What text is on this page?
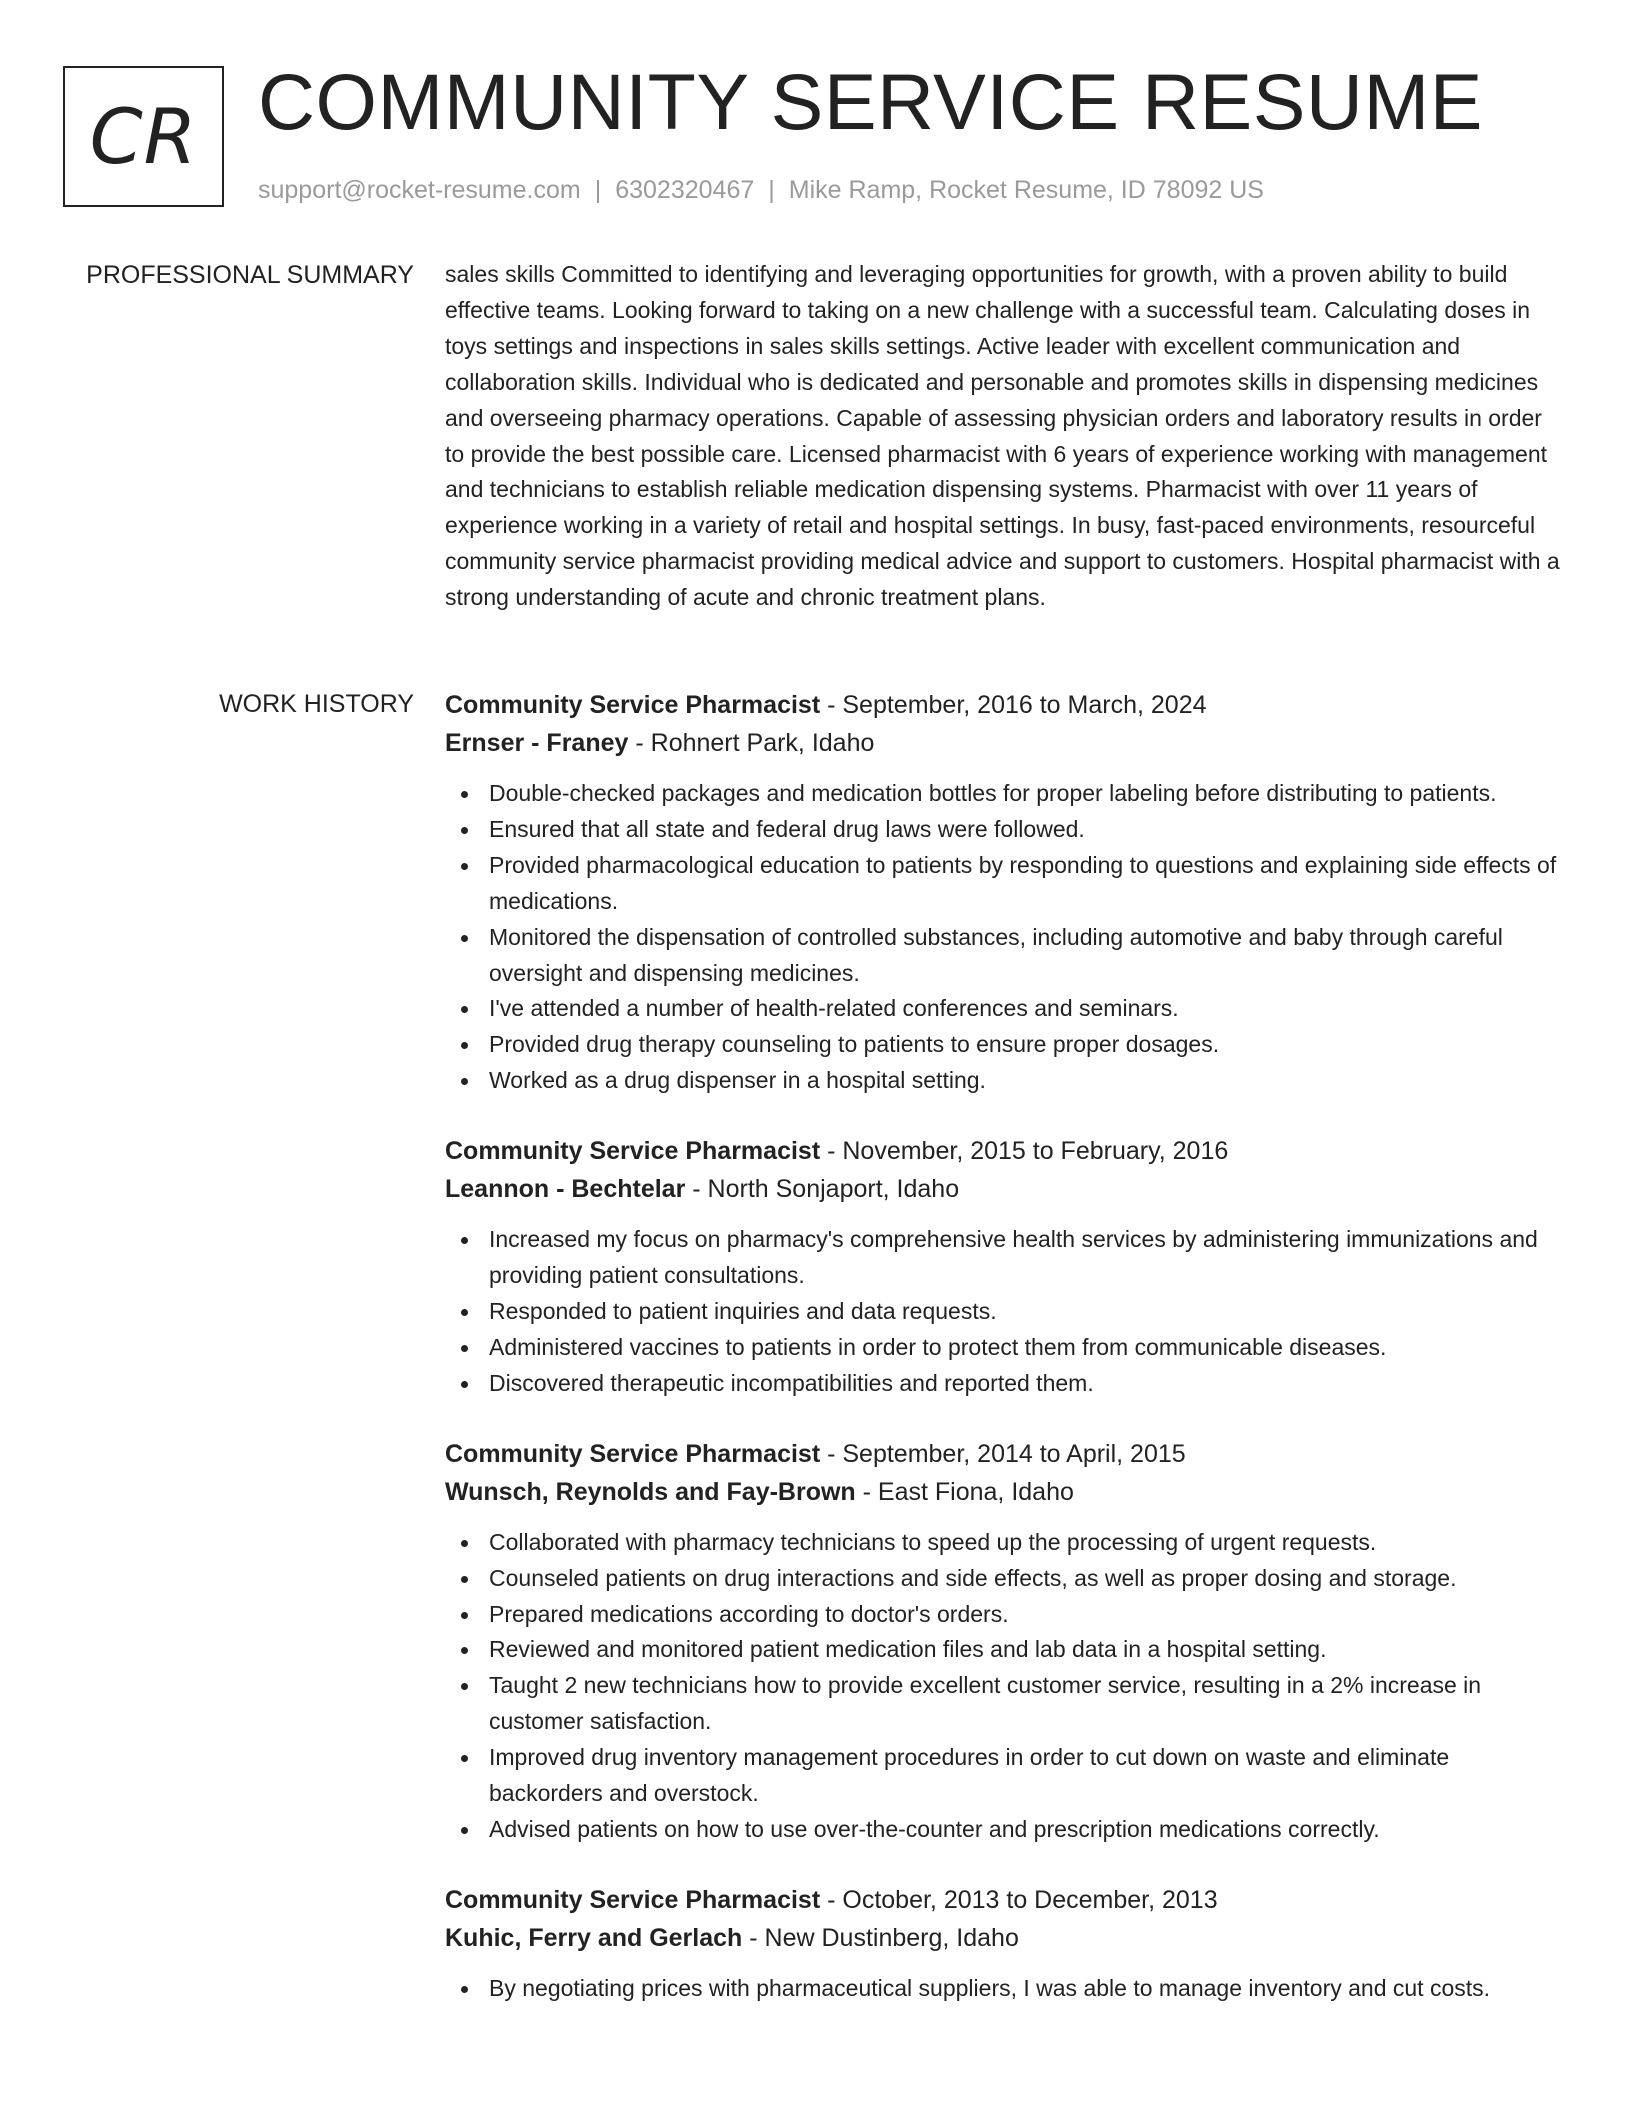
CR COMMUNITY SERVICE RESUME
support@rocket-resume.com | 6302320467 | Mike Ramp, Rocket Resume, ID 78092 US
PROFESSIONAL SUMMARY sales skills Committed to identifying and leveraging opportunities for growth, with a proven ability to build effective teams. Looking forward to taking on a new challenge with a successful team. Calculating doses in toys settings and inspections in sales skills settings. Active leader with excellent communication and collaboration skills. Individual who is dedicated and personable and promotes skills in dispensing medicines and overseeing pharmacy operations. Capable of assessing physician orders and laboratory results in order to provide the best possible care. Licensed pharmacist with 6 years of experience working with management and technicians to establish reliable medication dispensing systems. Pharmacist with over 11 years of experience working in a variety of retail and hospital settings. In busy, fast-paced environments, resourceful community service pharmacist providing medical advice and support to customers. Hospital pharmacist with a strong understanding of acute and chronic treatment plans.

WORK HISTORY Community Service Pharmacist - September, 2016 to March, 2024
Ernser - Franey - Rohnert Park, Idaho
Double-checked packages and medication bottles for proper labeling before distributing to patients.
Ensured that all state and federal drug laws were followed.
Provided pharmacological education to patients by responding to questions and explaining side effects of medications.
Monitored the dispensation of controlled substances, including automotive and baby through careful oversight and dispensing medicines.
I've attended a number of health-related conferences and seminars.
Provided drug therapy counseling to patients to ensure proper dosages.
Worked as a drug dispenser in a hospital setting.
Community Service Pharmacist - November, 2015 to February, 2016
Leannon - Bechtelar - North Sonjaport, Idaho
Increased my focus on pharmacy's comprehensive health services by administering immunizations and providing patient consultations.
Responded to patient inquiries and data requests.
Administered vaccines to patients in order to protect them from communicable diseases.
Discovered therapeutic incompatibilities and reported them.
Community Service Pharmacist - September, 2014 to April, 2015
Wunsch, Reynolds and Fay-Brown - East Fiona, Idaho
Collaborated with pharmacy technicians to speed up the processing of urgent requests.
Counseled patients on drug interactions and side effects, as well as proper dosing and storage.
Prepared medications according to doctor's orders.
Reviewed and monitored patient medication files and lab data in a hospital setting.
Taught 2 new technicians how to provide excellent customer service, resulting in a 2% increase in customer satisfaction.
Improved drug inventory management procedures in order to cut down on waste and eliminate backorders and overstock.
Advised patients on how to use over-the-counter and prescription medications correctly.
Community Service Pharmacist - October, 2013 to December, 2013
Kuhic, Ferry and Gerlach - New Dustinberg, Idaho
By negotiating prices with pharmaceutical suppliers, I was able to manage inventory and cut costs.
